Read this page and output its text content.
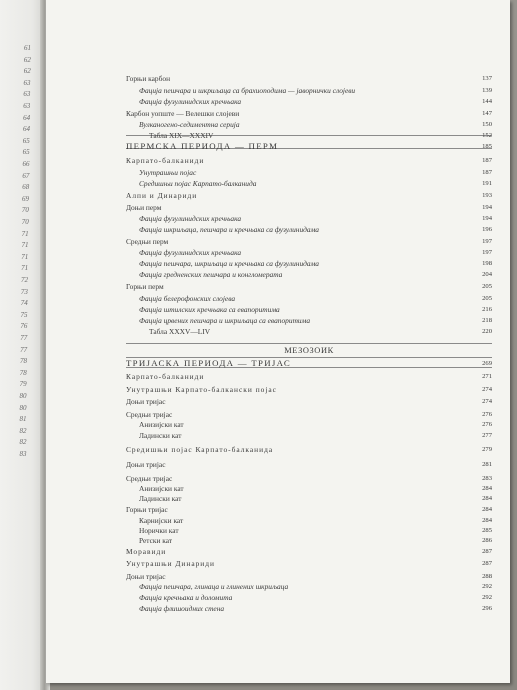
61
62
62
63
63
63
64
64
65
65
66
67
68
69
70
70
71
71
71
71
72
73
74
75
76
77
77
78
78
79
80
80
81
82
82
83
Горњи карбон	137
Фација пешчара и шкриљаца са брахиоподима — јаворнички слојеви	139
Фација фузулинидских кречњака	144
Карбон уопште — Велешки слојеви	147
Вулканогено-седиментна серија	150
Табла XIX—XXXIV	152
ПЕРМСКА ПЕРИОДА — ПЕРМ	185
Карпато-балканиди	187
Унутрашњи појас	187
Средишњи појас Карпато-балканида	191
Алпи и Динариди	193
Доњи перм	194
Фација фузулинидских кречњака	194
Фација шкриљаца, пешчара и кречњака са фузулинидама	196
Средњи перм	197
Фација фузулинидских кречњака	197
Фација пешчара, шкриљаца и кречњака са фузулинидама	198
Фација гредненских пешчара и конгломерата	204
Горњи перм	205
Фација белерофонских слојева	205
Фација штилских кречњака са евапоритима	216
Фација црвених пешчара и шкриљаца са евапоритима	218
Табла XXXV—LIV	220
МЕЗОЗОИК
ТРИЈАСКА ПЕРИОДА — ТРИЈАС	269
Карпато-балканиди	271
Унутрашњи Карпато-балкански појас	274
Доњи тријас	274
Средњи тријас	276
Анизијски кат	276
Ладински кат	277
Средишњи појас Карпато-балканида	279
Доњи тријас	281
Средњи тријас	283
Анизијски кат	284
Ладински кат	284
Горњи тријас	284
Карнијски кат	284
Норички кат	285
Ретски кат	286
Моравиди	287
Унутрашњи Динариди	287
Доњи тријас	288
Фација пешчара, глинаца и глинених шкриљаца	292
Фација кречњака и доломита	292
Фација флишоидних стена	296
